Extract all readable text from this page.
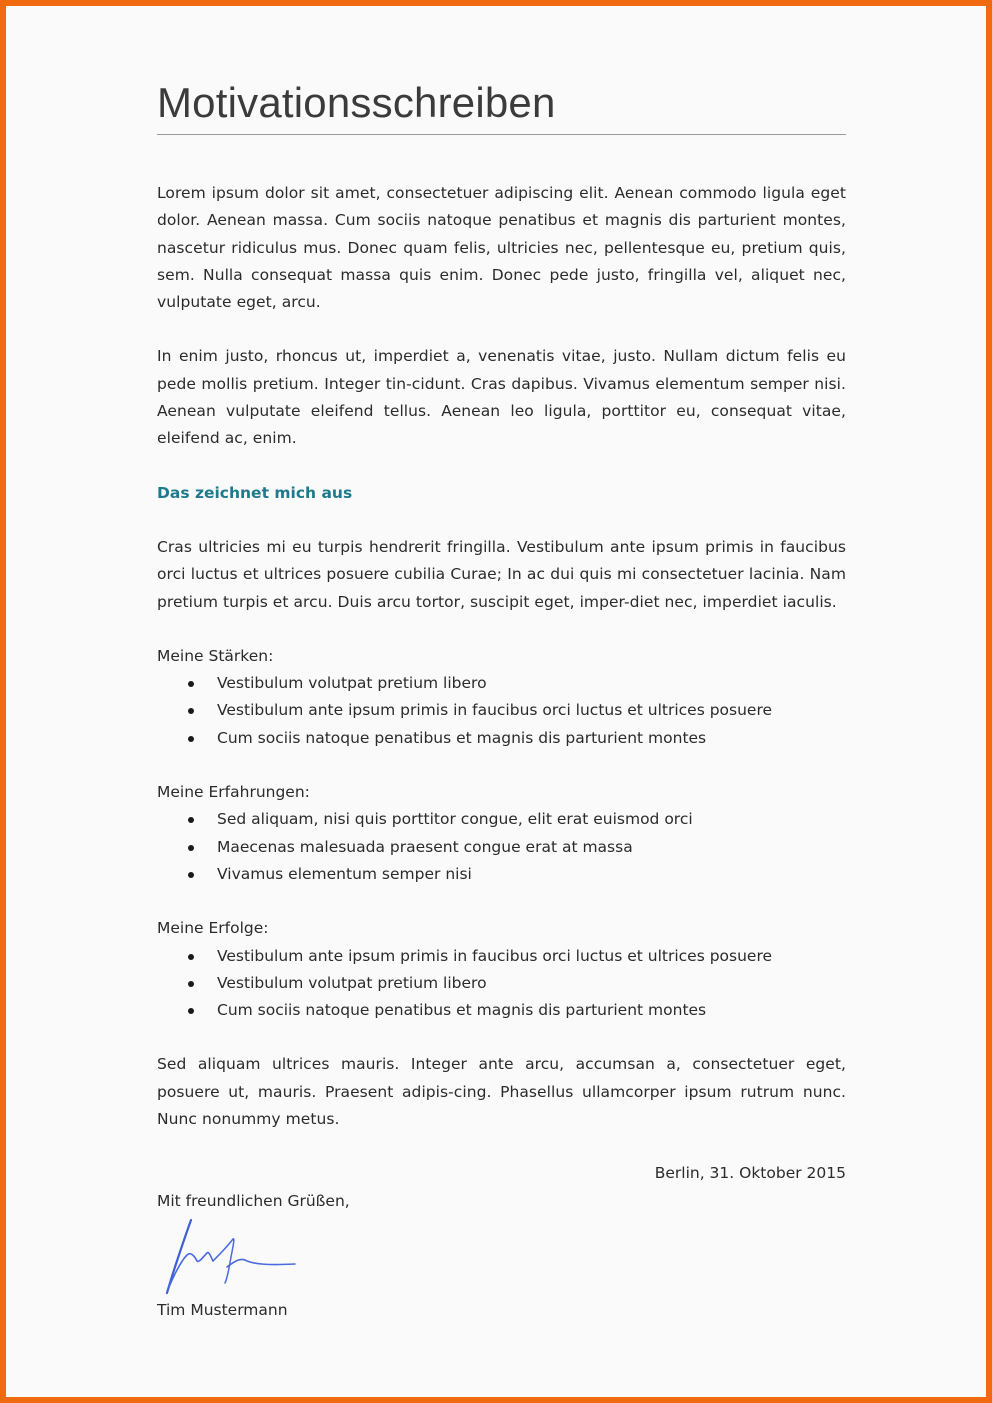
Motivationsschreiben

Lorem ipsum dolor sit amet, consectetuer adipiscing elit. Aenean commodo ligula eget dolor. Aenean massa. Cum sociis natoque penatibus et magnis dis parturient montes, nascetur ridiculus mus. Donec quam felis, ultricies nec, pellentesque eu, pretium quis, sem. Nulla consequat massa quis enim. Donec pede justo, fringilla vel, aliquet nec, vulputate eget, arcu.

In enim justo, rhoncus ut, imperdiet a, venenatis vitae, justo. Nullam dictum felis eu pede mollis pretium. Integer tin-cidunt. Cras dapibus. Vivamus elementum semper nisi. Aenean vulputate eleifend tellus. Aenean leo ligula, porttitor eu, consequat vitae, eleifend ac, enim.

Das zeichnet mich aus

Cras ultricies mi eu turpis hendrerit fringilla. Vestibulum ante ipsum primis in faucibus orci luctus et ultrices posuere cubilia Curae; In ac dui quis mi consectetuer lacinia. Nam pretium turpis et arcu. Duis arcu tortor, suscipit eget, imper-diet nec, imperdiet iaculis.

Meine Stärken:

Vestibulum volutpat pretium libero
Vestibulum ante ipsum primis in faucibus orci luctus et ultrices posuere
Cum sociis natoque penatibus et magnis dis parturient montes

Meine Erfahrungen:

Sed aliquam, nisi quis porttitor congue, elit erat euismod orci
Maecenas malesuada praesent congue erat at massa
Vivamus elementum semper nisi

Meine Erfolge:

Vestibulum ante ipsum primis in faucibus orci luctus et ultrices posuere
Vestibulum volutpat pretium libero
Cum sociis natoque penatibus et magnis dis parturient montes

Sed aliquam ultrices mauris. Integer ante arcu, accumsan a, consectetuer eget, posuere ut, mauris. Praesent adipis-cing. Phasellus ullamcorper ipsum rutrum nunc. Nunc nonummy metus.

Berlin, 31. Oktober 2015

Mit freundlichen Grüßen,

Tim Mustermann
